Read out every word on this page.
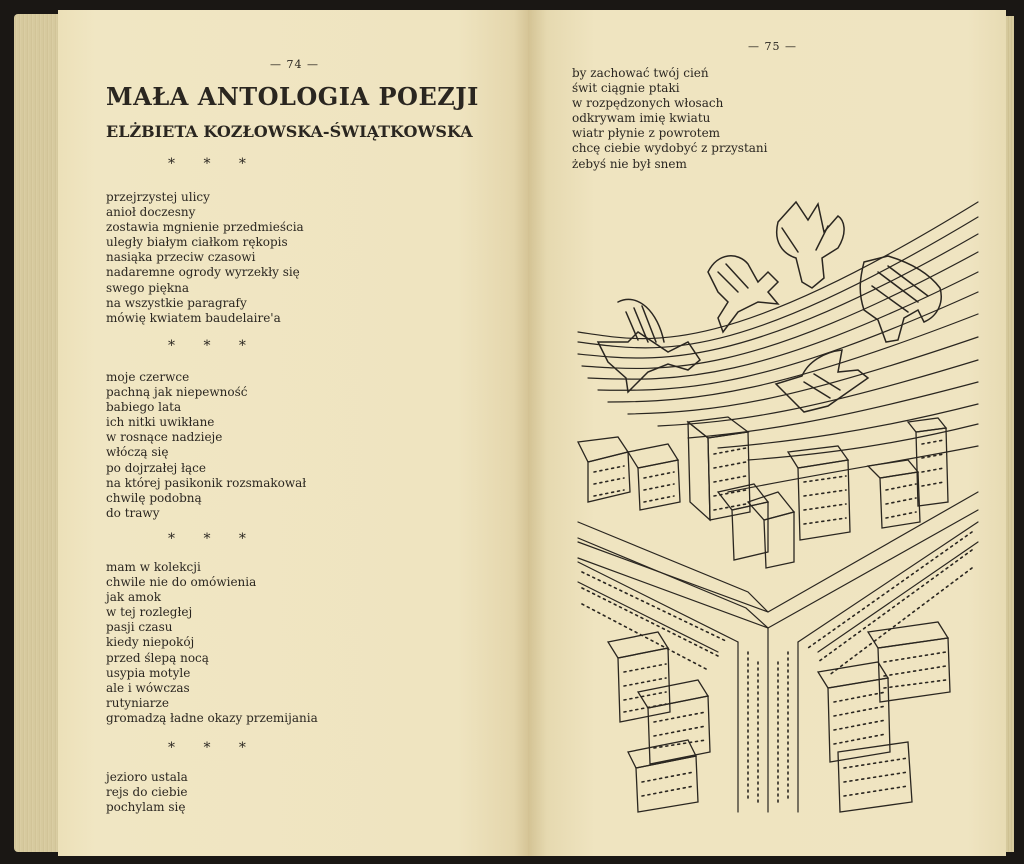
— 74 —
MAŁA ANTOLOGIA POEZJI
ELŻBIETA KOZŁOWSKA-ŚWIĄTKOWSKA
* * *
przejrzystej ulicy
anioł doczesny
zostawia mgnienie przedmieścia
uległy białym ciałkom rękopis
nasiąka przeciw czasowi
nadaremne ogrody wyrzekły się
swego piękna
na wszystkie paragrafy
mówię kwiatem baudelaire'a
* * *
moje czerwce
pachną jak niepewność
babiego lata
ich nitki uwikłane
w rosnące nadzieje
włóczą się
po dojrzałej łące
na której pasikonik rozsmakował
chwilę podobną
do trawy
* * *
mam w kolekcji
chwile nie do omówienia
jak amok
w tej rozległej
pasji czasu
kiedy niepokój
przed ślepą nocą
usypia motyle
ale i wówczas
rutyniarze
gromadzą ładne okazy przemijania
* * *
jezioro ustala
rejs do ciebie
pochylam się
— 75 —
by zachować twój cień
świt ciągnie ptaki
w rozpędzonych włosach
odkrywam imię kwiatu
wiatr płynie z powrotem
chcę ciebie wydobyć z przystani
żebyś nie był snem
